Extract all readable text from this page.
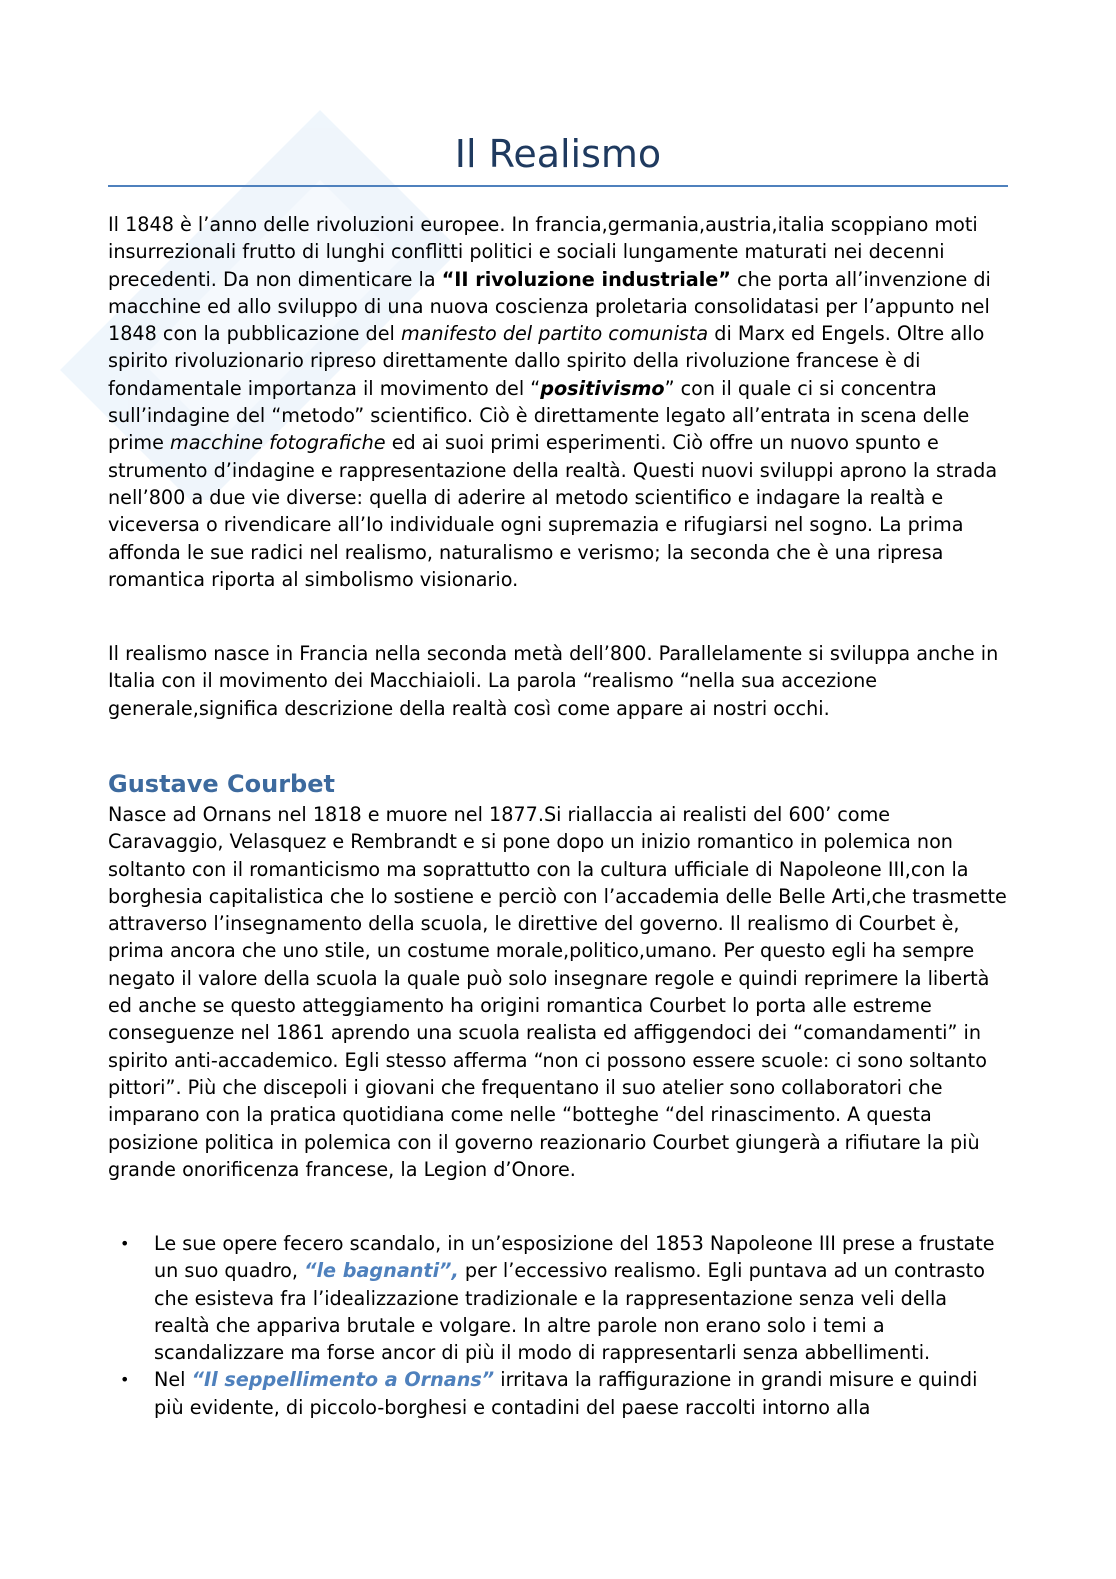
Il Realismo

Il 1848 è l’anno delle rivoluzioni europee. In francia,germania,austria,italia scoppiano moti insurrezionali frutto di lunghi conflitti politici e sociali lungamente maturati nei decenni precedenti. Da non dimenticare la “II rivoluzione industriale” che porta all’invenzione di macchine ed allo sviluppo di una nuova coscienza proletaria consolidatasi per l’appunto nel 1848 con la pubblicazione del manifesto del partito comunista di Marx ed Engels. Oltre allo spirito rivoluzionario ripreso direttamente dallo spirito della rivoluzione francese è di fondamentale importanza il movimento del “positivismo” con il quale ci si concentra sull’indagine del “metodo” scientifico. Ciò è direttamente legato all’entrata in scena delle prime macchine fotografiche ed ai suoi primi esperimenti. Ciò offre un nuovo spunto e strumento d’indagine e rappresentazione della realtà. Questi nuovi sviluppi aprono la strada nell’800 a due vie diverse: quella di aderire al metodo scientifico e indagare la realtà e viceversa o rivendicare all’Io individuale ogni supremazia e rifugiarsi nel sogno. La prima affonda le sue radici nel realismo, naturalismo e verismo; la seconda che è una ripresa romantica riporta al simbolismo visionario.

Il realismo nasce in Francia nella seconda metà dell’800. Parallelamente si sviluppa anche in Italia con il movimento dei Macchiaioli. La parola “realismo “nella sua accezione generale,significa descrizione della realtà così come appare ai nostri occhi.

Gustave Courbet

Nasce ad Ornans nel 1818 e muore nel 1877.Si riallaccia ai realisti del 600’ come Caravaggio, Velasquez e Rembrandt e si pone dopo un inizio romantico in polemica non soltanto con il romanticismo ma soprattutto con la cultura ufficiale di Napoleone III,con la borghesia capitalistica che lo sostiene e perciò con l’accademia delle Belle Arti,che trasmette attraverso l’insegnamento della scuola, le direttive del governo. Il realismo di Courbet è, prima ancora che uno stile, un costume morale,politico,umano. Per questo egli ha sempre negato il valore della scuola la quale può solo insegnare regole e quindi reprimere la libertà ed anche se questo atteggiamento ha origini romantica Courbet lo porta alle estreme conseguenze nel 1861 aprendo una scuola realista ed affiggendoci dei “comandamenti” in spirito anti-accademico. Egli stesso afferma “non ci possono essere scuole: ci sono soltanto pittori”. Più che discepoli i giovani che frequentano il suo atelier sono collaboratori che imparano con la pratica quotidiana come nelle “botteghe “del rinascimento. A questa posizione politica in polemica con il governo reazionario Courbet giungerà a rifiutare la più grande onorificenza francese, la Legion d’Onore.

• Le sue opere fecero scandalo, in un’esposizione del 1853 Napoleone III prese a frustate un suo quadro, “le bagnanti”, per l’eccessivo realismo. Egli puntava ad un contrasto che esisteva fra l’idealizzazione tradizionale e la rappresentazione senza veli della realtà che appariva brutale e volgare. In altre parole non erano solo i temi a scandalizzare ma forse ancor di più il modo di rappresentarli senza abbellimenti.
• Nel “Il seppellimento a Ornans” irritava la raffigurazione in grandi misure e quindi più evidente, di piccolo-borghesi e contadini del paese raccolti intorno alla
